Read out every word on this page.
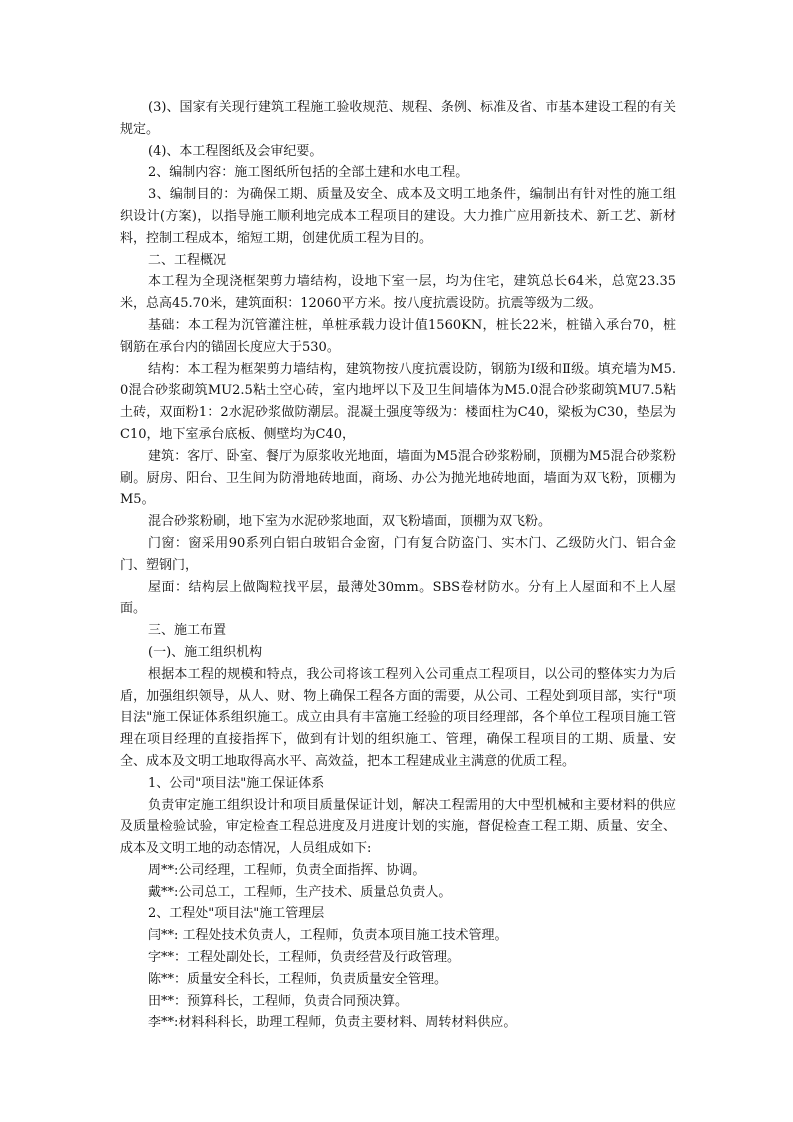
(3)、国家有关现行建筑工程施工验收规范、规程、条例、标准及省、市基本建设工程的有关规定。

(4)、本工程图纸及会审纪要。

2、编制内容：施工图纸所包括的全部土建和水电工程。

3、编制目的：为确保工期、质量及安全、成本及文明工地条件，编制出有针对性的施工组织设计(方案)，以指导施工顺利地完成本工程项目的建设。大力推广应用新技术、新工艺、新材料，控制工程成本，缩短工期，创建优质工程为目的。

二、工程概况

本工程为全现浇框架剪力墙结构，设地下室一层，均为住宅，建筑总长64米，总宽23.35米，总高45.70米，建筑面积：12060平方米。按八度抗震设防。抗震等级为二级。

基础：本工程为沉管灌注桩，单桩承载力设计值1560KN，桩长22米，桩锚入承台70，桩钢筋在承台内的锚固长度应大于530。

结构：本工程为框架剪力墙结构，建筑物按八度抗震设防，钢筋为Ⅰ级和Ⅱ级。填充墙为M5.0混合砂浆砌筑MU2.5粘土空心砖，室内地坪以下及卫生间墙体为M5.0混合砂浆砌筑MU7.5粘土砖，双面粉1：2水泥砂浆做防潮层。混凝土强度等级为：楼面柱为C40，梁板为C30，垫层为C10，地下室承台底板、侧壁均为C40，

建筑：客厅、卧室、餐厅为原浆收光地面，墙面为M5混合砂浆粉刷，顶棚为M5混合砂浆粉刷。厨房、阳台、卫生间为防滑地砖地面，商场、办公为抛光地砖地面，墙面为双飞粉，顶棚为M5。

混合砂浆粉刷，地下室为水泥砂浆地面，双飞粉墙面，顶棚为双飞粉。

门窗：窗采用90系列白铝白玻铝合金窗，门有复合防盗门、实木门、乙级防火门、铝合金门、塑钢门，

屋面：结构层上做陶粒找平层，最薄处30mm。SBS卷材防水。分有上人屋面和不上人屋面。

三、施工布置

(一)、施工组织机构

根据本工程的规模和特点，我公司将该工程列入公司重点工程项目，以公司的整体实力为后盾，加强组织领导，从人、财、物上确保工程各方面的需要，从公司、工程处到项目部，实行"项目法"施工保证体系组织施工。成立由具有丰富施工经验的项目经理部，各个单位工程项目施工管理在项目经理的直接指挥下，做到有计划的组织施工、管理，确保工程项目的工期、质量、安全、成本及文明工地取得高水平、高效益，把本工程建成业主满意的优质工程。

1、公司"项目法"施工保证体系

负责审定施工组织设计和项目质量保证计划，解决工程需用的大中型机械和主要材料的供应及质量检验试验，审定检查工程总进度及月进度计划的实施，督促检查工程工期、质量、安全、成本及文明工地的动态情况，人员组成如下:

周**:公司经理，工程师，负责全面指挥、协调。

戴**:公司总工，工程师，生产技术、质量总负责人。

2、工程处"项目法"施工管理层

闫**: 工程处技术负责人，工程师，负责本项目施工技术管理。

字**：工程处副处长，工程师，负责经营及行政管理。

陈**：质量安全科长，工程师，负责质量安全管理。

田**：预算科长，工程师，负责合同预决算。

李**:材料科科长，助理工程师，负责主要材料、周转材料供应。
